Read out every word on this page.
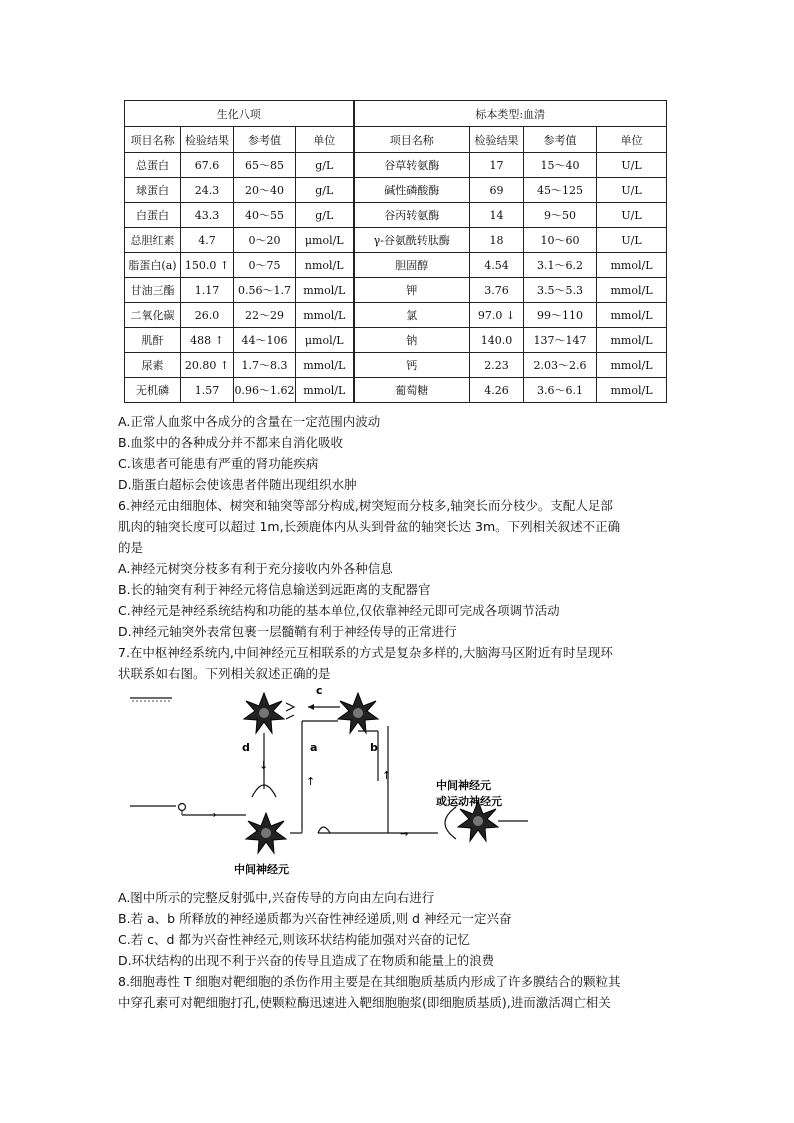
生化八项				标本类型:血清			
项目名称	检验结果	参考值	单位	项目名称	检验结果	参考值	单位
总蛋白	67.6	65～85	g/L	谷草转氨酶	17	15～40	U/L
球蛋白	24.3	20～40	g/L	碱性磷酸酶	69	45～125	U/L
白蛋白	43.3	40～55	g/L	谷丙转氨酶	14	9～50	U/L
总胆红素	4.7	0～20	μmol/L	γ-谷氨酰转肽酶	18	10～60	U/L
脂蛋白(a)	150.0 ↑	0～75	nmol/L	胆固醇	4.54	3.1～6.2	mmol/L
甘油三酯	1.17	0.56～1.7	mmol/L	钾	3.76	3.5～5.3	mmol/L
二氧化碳	26.0	22～29	mmol/L	氯	97.0 ↓	99～110	mmol/L
肌酐	488 ↑	44～106	μmol/L	钠	140.0	137～147	mmol/L
尿素	20.80 ↑	1.7～8.3	mmol/L	钙	2.23	2.03～2.6	mmol/L
无机磷	1.57	0.96～1.62	mmol/L	葡萄糖	4.26	3.6～6.1	mmol/L
A.正常人血浆中各成分的含量在一定范围内波动
B.血浆中的各种成分并不都来自消化吸收
C.该患者可能患有严重的肾功能疾病
D.脂蛋白超标会使该患者伴随出现组织水肿
6.神经元由细胞体、树突和轴突等部分构成,树突短而分枝多,轴突长而分枝少。支配人足部
肌肉的轴突长度可以超过 1m,长颈鹿体内从头到骨盆的轴突长达 3m。下列相关叙述不正确
的是
A.神经元树突分枝多有利于充分接收内外各种信息
B.长的轴突有利于神经元将信息输送到远距离的支配器官
C.神经元是神经系统结构和功能的基本单位,仅依靠神经元即可完成各项调节活动
D.神经元轴突外表常包裹一层髓鞘有利于神经传导的正常进行
7.在中枢神经系统内,中间神经元互相联系的方式是复杂多样的,大脑海马区附近有时呈现环
状联系如右图。下列相关叙述正确的是
→
c
d	a	b
↓
↑	↑
→
中间神经元
或运动神经元
中间神经元
A.图中所示的完整反射弧中,兴奋传导的方向由左向右进行
B.若 a、b 所释放的神经递质都为兴奋性神经递质,则 d 神经元一定兴奋
C.若 c、d 都为兴奋性神经元,则该环状结构能加强对兴奋的记忆
D.环状结构的出现不利于兴奋的传导且造成了在物质和能量上的浪费
8.细胞毒性 T 细胞对靶细胞的杀伤作用主要是在其细胞质基质内形成了许多膜结合的颗粒其
中穿孔素可对靶细胞打孔,使颗粒酶迅速进入靶细胞胞浆(即细胞质基质),进而激活凋亡相关
